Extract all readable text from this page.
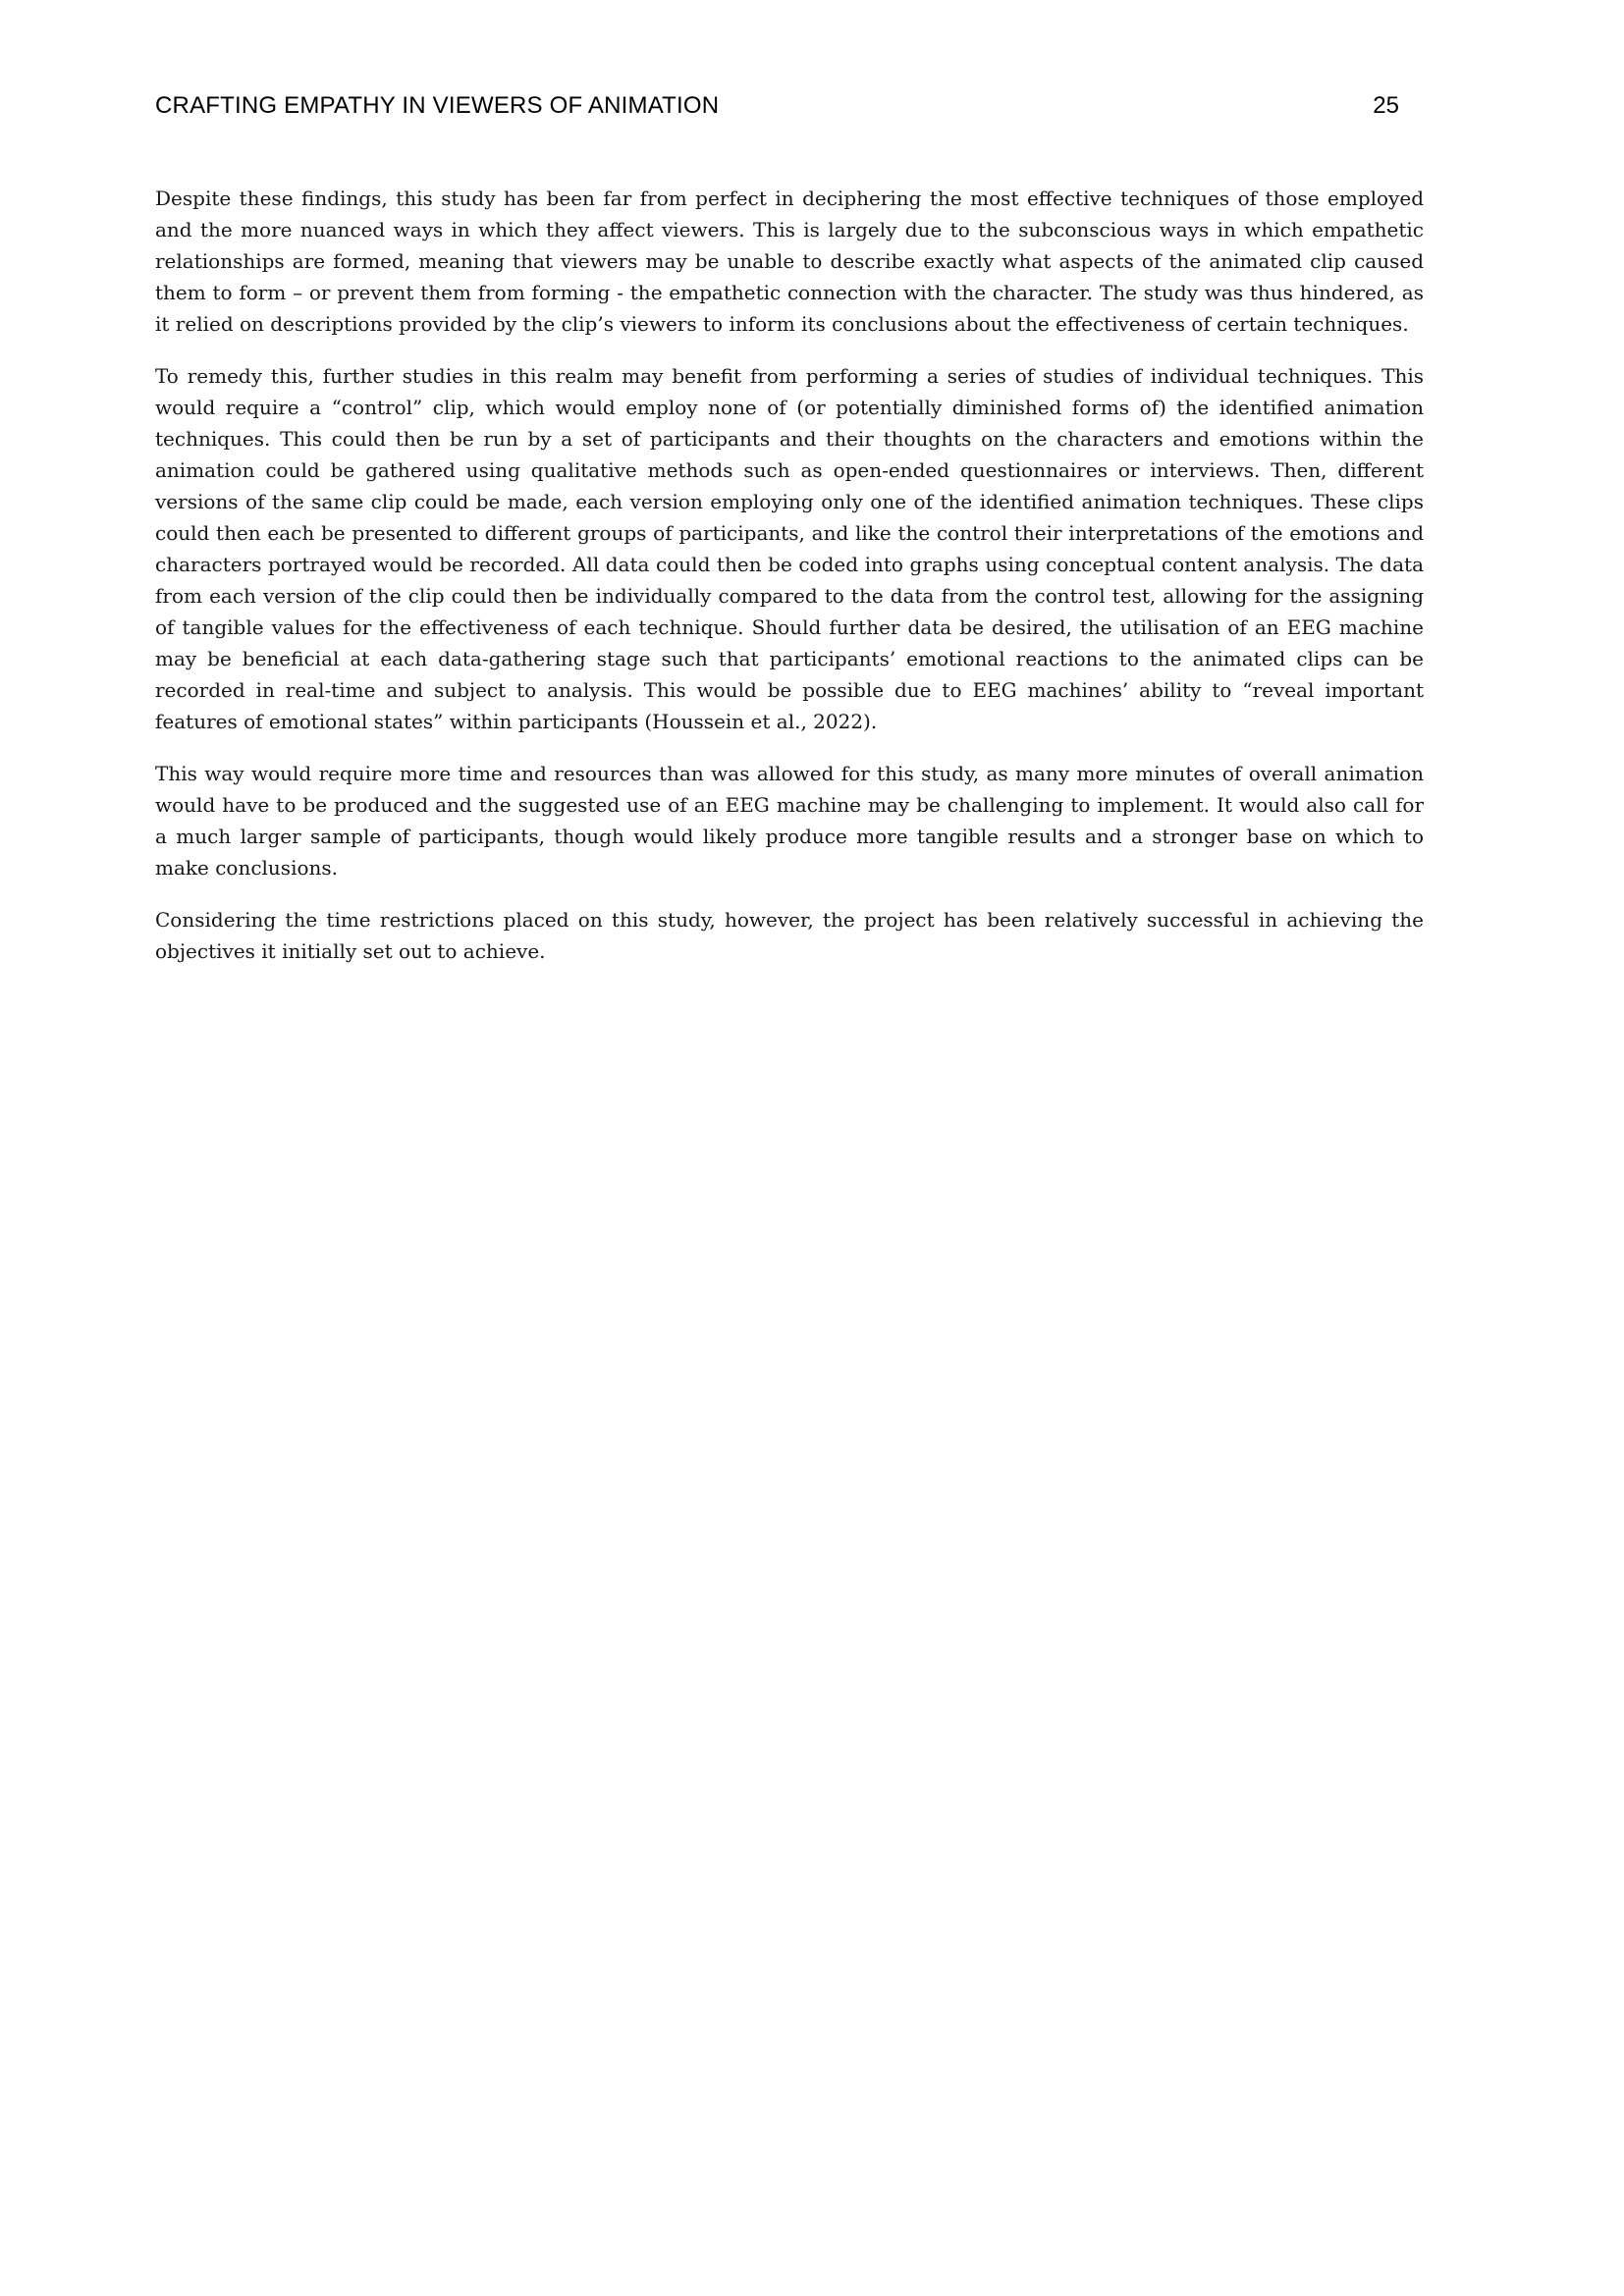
CRAFTING EMPATHY IN VIEWERS OF ANIMATION	25

Despite these findings, this study has been far from perfect in deciphering the most effective techniques of those employed and the more nuanced ways in which they affect viewers. This is largely due to the subconscious ways in which empathetic relationships are formed, meaning that viewers may be unable to describe exactly what aspects of the animated clip caused them to form – or prevent them from forming - the empathetic connection with the character. The study was thus hindered, as it relied on descriptions provided by the clip’s viewers to inform its conclusions about the effectiveness of certain techniques.

To remedy this, further studies in this realm may benefit from performing a series of studies of individual techniques. This would require a “control” clip, which would employ none of (or potentially diminished forms of) the identified animation techniques. This could then be run by a set of participants and their thoughts on the characters and emotions within the animation could be gathered using qualitative methods such as open-ended questionnaires or interviews. Then, different versions of the same clip could be made, each version employing only one of the identified animation techniques. These clips could then each be presented to different groups of participants, and like the control their interpretations of the emotions and characters portrayed would be recorded. All data could then be coded into graphs using conceptual content analysis. The data from each version of the clip could then be individually compared to the data from the control test, allowing for the assigning of tangible values for the effectiveness of each technique. Should further data be desired, the utilisation of an EEG machine may be beneficial at each data-gathering stage such that participants’ emotional reactions to the animated clips can be recorded in real-time and subject to analysis. This would be possible due to EEG machines’ ability to “reveal important features of emotional states” within participants (Houssein et al., 2022).

This way would require more time and resources than was allowed for this study, as many more minutes of overall animation would have to be produced and the suggested use of an EEG machine may be challenging to implement. It would also call for a much larger sample of participants, though would likely produce more tangible results and a stronger base on which to make conclusions.

Considering the time restrictions placed on this study, however, the project has been relatively successful in achieving the objectives it initially set out to achieve.
